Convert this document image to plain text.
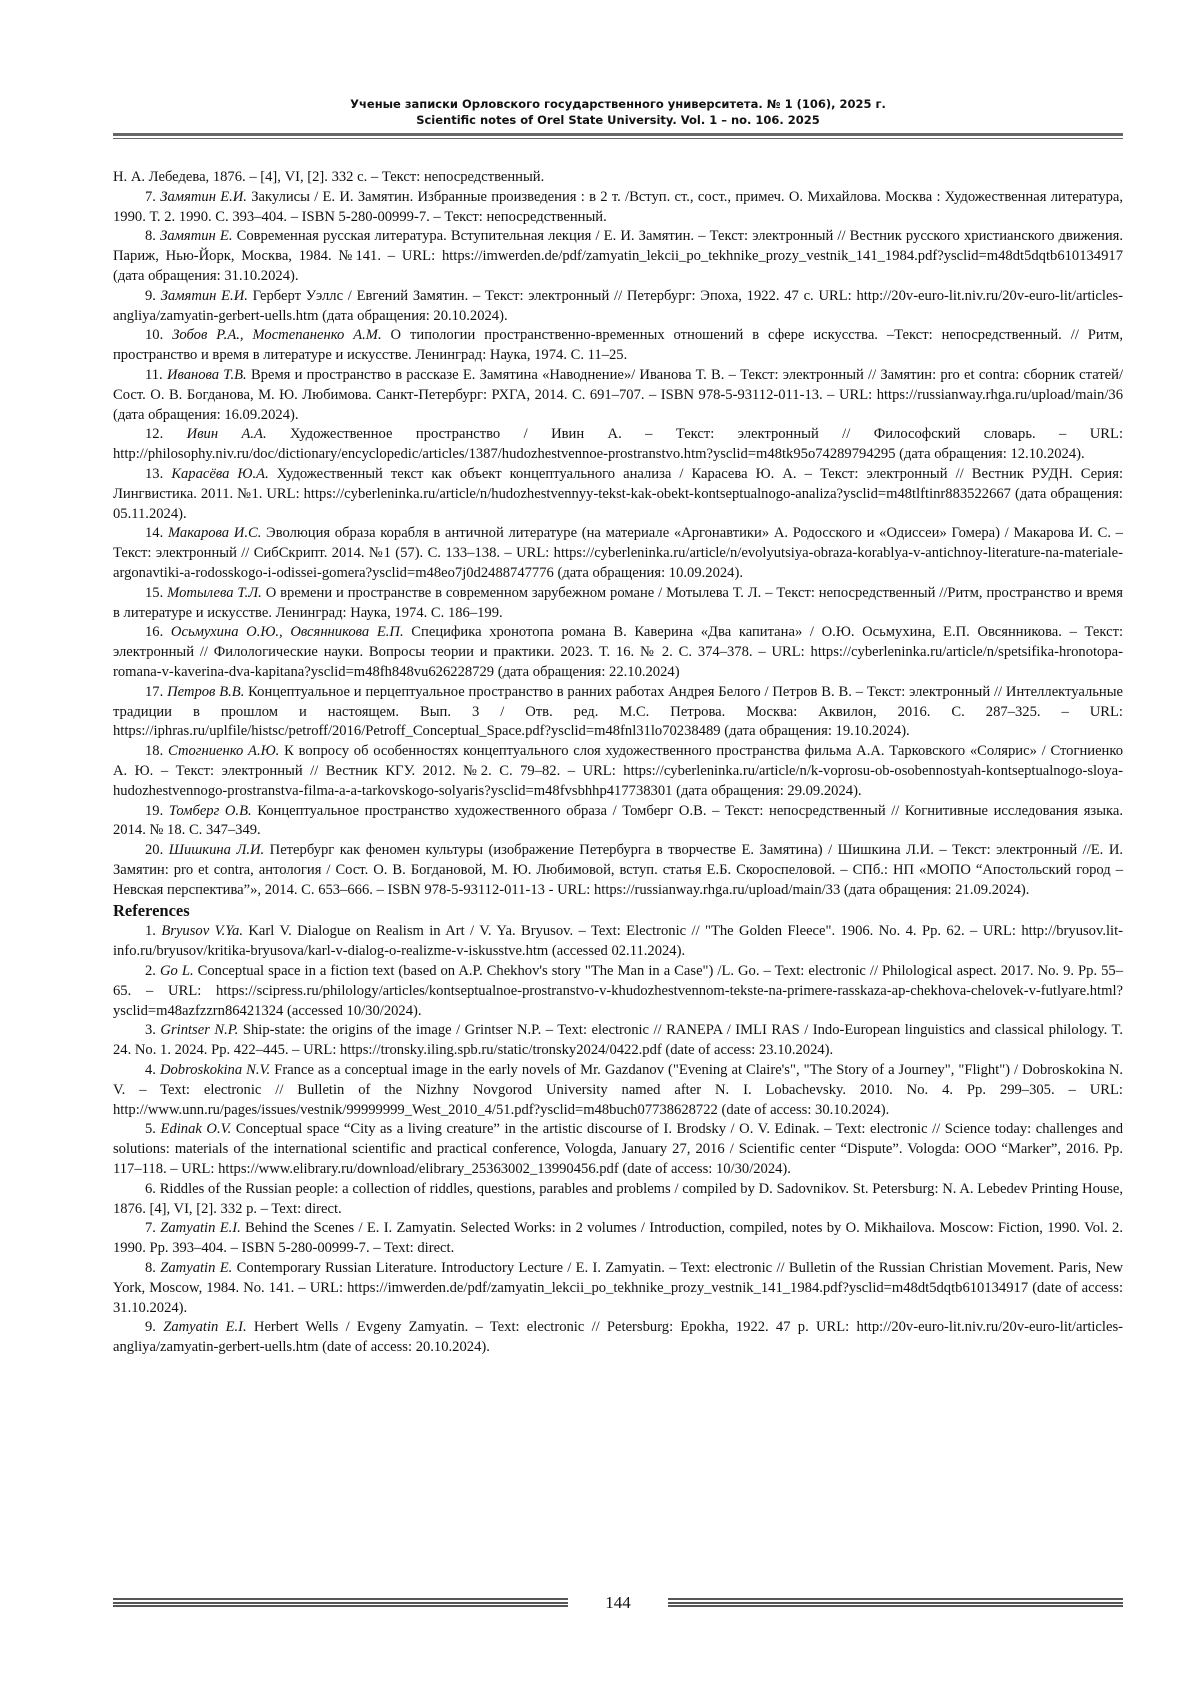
Ученые записки Орловского государственного университета. № 1 (106), 2025 г.
Scientific notes of Orel State University. Vol. 1 – no. 106. 2025

Н. А. Лебедева, 1876. – [4], VI, [2]. 332 с. – Текст: непосредственный.

7. Замятин Е.И. Закулисы / Е. И. Замятин. Избранные произведения : в 2 т. /Вступ. ст., сост., примеч. О. Михайлова. Москва : Художественная литература, 1990. Т. 2. 1990. С. 393–404. – ISBN 5-280-00999-7. – Текст: непосредственный.

8. Замятин Е. Современная русская литература. Вступительная лекция / Е. И. Замятин. – Текст: электронный // Вестник русского христианского движения. Париж, Нью-Йорк, Москва, 1984. №141. – URL: https://imwerden.de/pdf/zamyatin_lekcii_po_tekhnike_prozy_vestnik_141_1984.pdf?ysclid=m48dt5dqtb610134917 (дата обращения: 31.10.2024).

9. Замятин Е.И. Герберт Уэллс / Евгений Замятин. – Текст: электронный // Петербург: Эпоха, 1922. 47 с. URL: http://20v-euro-lit.niv.ru/20v-euro-lit/articles-angliya/zamyatin-gerbert-uells.htm (дата обращения: 20.10.2024).

10. Зобов Р.А., Мостепаненко А.М. О типологии пространственно-временных отношений в сфере искусства. –Текст: непосредственный. // Ритм, пространство и время в литературе и искусстве. Ленинград: Наука, 1974. С. 11–25.

11. Иванова Т.В. Время и пространство в рассказе Е. Замятина «Наводнение»/ Иванова Т. В. – Текст: электронный // Замятин: pro et contra: сборник статей/Сост. О. В. Богданова, М. Ю. Любимова. Санкт-Петербург: РХГА, 2014. С. 691–707. – ISBN 978-5-93112-011-13. – URL: https://russianway.rhga.ru/upload/main/36 (дата обращения: 16.09.2024).

12. Ивин А.А. Художественное пространство / Ивин А. – Текст: электронный // Философский словарь. – URL: http://philosophy.niv.ru/doc/dictionary/encyclopedic/articles/1387/hudozhestvennoe-prostranstvo.htm?ysclid=m48tk95o74289794295 (дата обращения: 12.10.2024).

13. Карасёва Ю.А. Художественный текст как объект концептуального анализа / Карасева Ю. А. – Текст: электронный // Вестник РУДН. Серия: Лингвистика. 2011. №1. URL: https://cyberleninka.ru/article/n/hudozhestvennyy-tekst-kak-obekt-kontseptualnogo-analiza?ysclid=m48tlftinr883522667 (дата обращения: 05.11.2024).

14. Макарова И.С. Эволюция образа корабля в античной литературе (на материале «Аргонавтики» А. Родосского и «Одиссеи» Гомера) / Макарова И. С. – Текст: электронный // СибСкрипт. 2014. №1 (57). С. 133–138. – URL: https://cyberleninka.ru/article/n/evolyutsiya-obraza-korablya-v-antichnoy-literature-na-materiale-argonavtiki-a-rodosskogo-i-odissei-gomera?ysclid=m48eo7j0d2488747776 (дата обращения: 10.09.2024).

15. Мотылева Т.Л. О времени и пространстве в современном зарубежном романе / Мотылева Т. Л. – Текст: непосредственный //Ритм, пространство и время в литературе и искусстве. Ленинград: Наука, 1974. С. 186–199.

16. Осьмухина О.Ю., Овсянникова Е.П. Специфика хронотопа романа В. Каверина «Два капитана» / О.Ю. Осьмухина, Е.П. Овсянникова. – Текст: электронный // Филологические науки. Вопросы теории и практики. 2023. Т. 16. № 2. С. 374–378. – URL: https://cyberleninka.ru/article/n/spetsifika-hronotopa-romana-v-kaverina-dva-kapitana?ysclid=m48fh848vu626228729 (дата обращения: 22.10.2024)

17. Петров В.В. Концептуальное и перцептуальное пространство в ранних работах Андрея Белого / Петров В. В. – Текст: электронный // Интеллектуальные традиции в прошлом и настоящем. Вып. 3 / Отв. ред. М.С. Петрова. Москва: Аквилон, 2016. С. 287–325. – URL: https://iphras.ru/uplfile/histsc/petroff/2016/Petroff_Conceptual_Space.pdf?ysclid=m48fnl31lo70238489 (дата обращения: 19.10.2024).

18. Стогниенко А.Ю. К вопросу об особенностях концептуального слоя художественного пространства фильма А.А. Тарковского «Солярис» / Стогниенко А. Ю. – Текст: электронный // Вестник КГУ. 2012. №2. С. 79–82. – URL: https://cyberleninka.ru/article/n/k-voprosu-ob-osobennostyah-kontseptualnogo-sloya-hudozhestvennogo-prostranstva-filma-a-a-tarkovskogo-solyaris?ysclid=m48fvsbhhp417738301 (дата обращения: 29.09.2024).

19. Томберг О.В. Концептуальное пространство художественного образа / Томберг О.В. – Текст: непосредственный // Когнитивные исследования языка. 2014. № 18. С. 347–349.

20. Шишкина Л.И. Петербург как феномен культуры (изображение Петербурга в творчестве Е. Замятина) / Шишкина Л.И. – Текст: электронный //Е. И. Замятин: pro et contra, антология / Сост. О. В. Богдановой, М. Ю. Любимовой, вступ. статья Е.Б. Скороспеловой. – СПб.: НП «МОПО “Апостольский город – Невская перспектива”», 2014. С. 653–666. – ISBN 978-5-93112-011-13 - URL: https://russianway.rhga.ru/upload/main/33 (дата обращения: 21.09.2024).

References

1. Bryusov V.Ya. Karl V. Dialogue on Realism in Art / V. Ya. Bryusov. – Text: Electronic // "The Golden Fleece". 1906. No. 4. Pp. 62. – URL: http://bryusov.lit-info.ru/bryusov/kritika-bryusova/karl-v-dialog-o-realizme-v-iskusstve.htm (accessed 02.11.2024).

2. Go L. Conceptual space in a fiction text (based on A.P. Chekhov's story "The Man in a Case") /L. Go. – Text: electronic // Philological aspect. 2017. No. 9. Pp. 55–65. – URL: https://scipress.ru/philology/articles/kontseptualnoe-prostranstvo-v-khudozhestvennom-tekste-na-primere-rasskaza-ap-chekhova-chelovek-v-futlyare.html?ysclid=m48azfzzrn86421324 (accessed 10/30/2024).

3. Grintser N.P. Ship-state: the origins of the image / Grintser N.P. – Text: electronic // RANEPA / IMLI RAS / Indo-European linguistics and classical philology. T. 24. No. 1. 2024. Pp. 422–445. – URL: https://tronsky.iling.spb.ru/static/tronsky2024/0422.pdf (date of access: 23.10.2024).

4. Dobroskokina N.V. France as a conceptual image in the early novels of Mr. Gazdanov ("Evening at Claire's", "The Story of a Journey", "Flight") / Dobroskokina N. V. – Text: electronic // Bulletin of the Nizhny Novgorod University named after N. I. Lobachevsky. 2010. No. 4. Pp. 299–305. – URL: http://www.unn.ru/pages/issues/vestnik/99999999_West_2010_4/51.pdf?ysclid=m48buch07738628722 (date of access: 30.10.2024).

5. Edinak O.V. Conceptual space “City as a living creature” in the artistic discourse of I. Brodsky / O. V. Edinak. – Text: electronic // Science today: challenges and solutions: materials of the international scientific and practical conference, Vologda, January 27, 2016 / Scientific center “Dispute”. Vologda: OOO “Marker”, 2016. Pp. 117–118. – URL: https://www.elibrary.ru/download/elibrary_25363002_13990456.pdf (date of access: 10/30/2024).

6. Riddles of the Russian people: a collection of riddles, questions, parables and problems / compiled by D. Sadovnikov. St. Petersburg: N. A. Lebedev Printing House, 1876. [4], VI, [2]. 332 p. – Text: direct.

7. Zamyatin E.I. Behind the Scenes / E. I. Zamyatin. Selected Works: in 2 volumes / Introduction, compiled, notes by O. Mikhailova. Moscow: Fiction, 1990. Vol. 2. 1990. Pp. 393–404. – ISBN 5-280-00999-7. – Text: direct.

8. Zamyatin E. Contemporary Russian Literature. Introductory Lecture / E. I. Zamyatin. – Text: electronic // Bulletin of the Russian Christian Movement. Paris, New York, Moscow, 1984. No. 141. – URL: https://imwerden.de/pdf/zamyatin_lekcii_po_tekhnike_prozy_vestnik_141_1984.pdf?ysclid=m48dt5dqtb610134917 (date of access: 31.10.2024).

9. Zamyatin E.I. Herbert Wells / Evgeny Zamyatin. – Text: electronic // Petersburg: Epokha, 1922. 47 p. URL: http://20v-euro-lit.niv.ru/20v-euro-lit/articles-angliya/zamyatin-gerbert-uells.htm (date of access: 20.10.2024).

144
